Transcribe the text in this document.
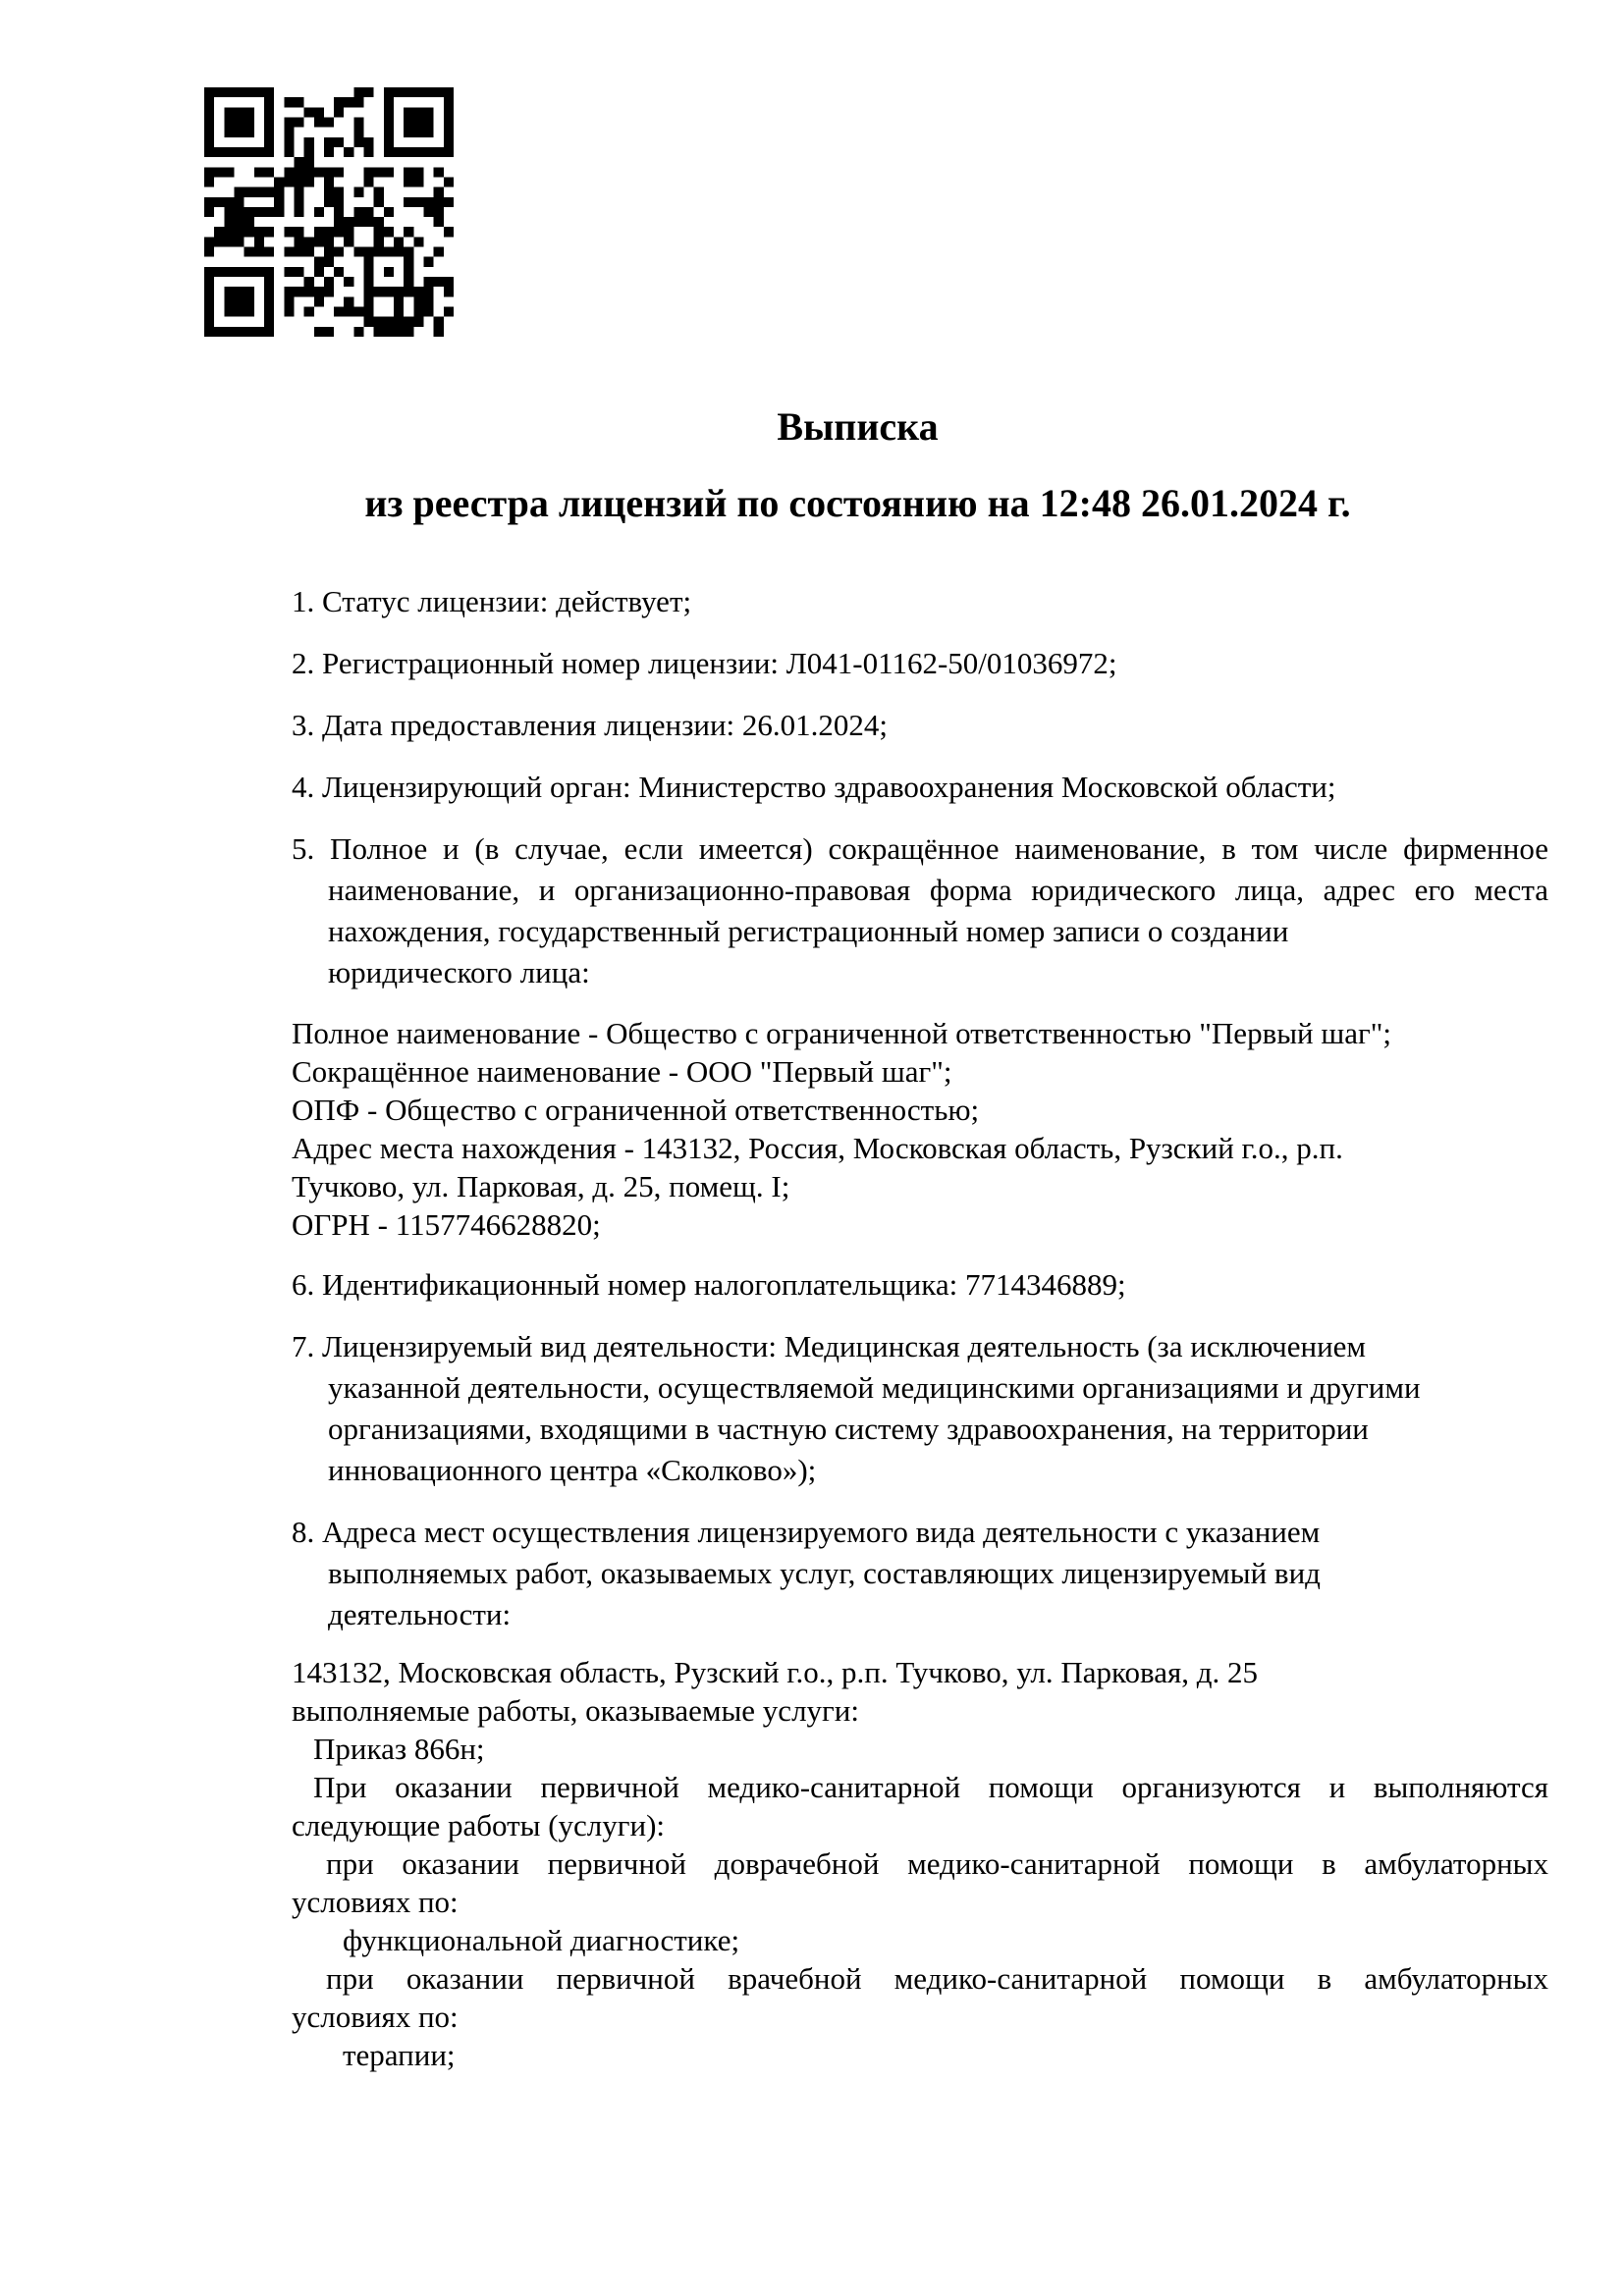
Выписка
из реестра лицензий по состоянию на 12:48 26.01.2024 г.
1. Статус лицензии: действует;
2. Регистрационный номер лицензии: Л041-01162-50/01036972;
3. Дата предоставления лицензии: 26.01.2024;
4. Лицензирующий орган: Министерство здравоохранения Московской области;
5. Полное и (в случае, если имеется) сокращённое наименование, в том числе фирменное
наименование, и организационно-правовая форма юридического лица, адрес его места
нахождения, государственный регистрационный номер записи о создании
юридического лица:
Полное наименование - Общество с ограниченной ответственностью "Первый шаг";
Сокращённое наименование - ООО "Первый шаг";
ОПФ - Общество с ограниченной ответственностью;
Адрес места нахождения - 143132, Россия, Московская область, Рузский г.о., р.п.
Тучково, ул. Парковая, д. 25, помещ. I;
ОГРН - 1157746628820;
6. Идентификационный номер налогоплательщика: 7714346889;
7. Лицензируемый вид деятельности: Медицинская деятельность (за исключением
указанной деятельности, осуществляемой медицинскими организациями и другими
организациями, входящими в частную систему здравоохранения, на территории
инновационного центра «Сколково»);
8. Адреса мест осуществления лицензируемого вида деятельности с указанием
выполняемых работ, оказываемых услуг, составляющих лицензируемый вид
деятельности:
143132, Московская область, Рузский г.о., р.п. Тучково, ул. Парковая, д. 25
выполняемые работы, оказываемые услуги:
Приказ 866н;
При оказании первичной медико-санитарной помощи организуются и выполняются
следующие работы (услуги):
при оказании первичной доврачебной медико-санитарной помощи в амбулаторных
условиях по:
функциональной диагностике;
при оказании первичной врачебной медико-санитарной помощи в амбулаторных
условиях по:
терапии;
